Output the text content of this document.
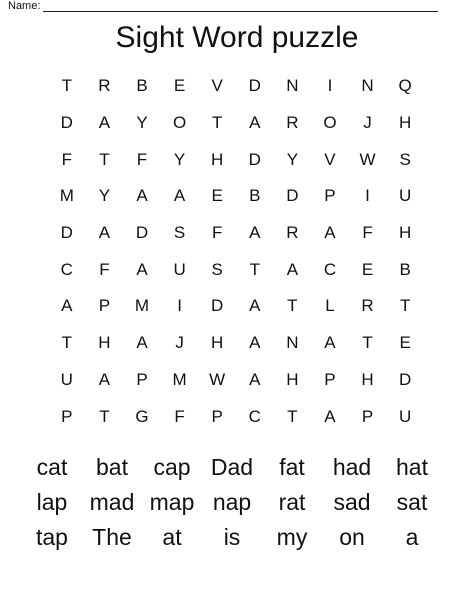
Name:
Sight Word puzzle
T	R	B	E	V	D	N	I	N	Q
D	A	Y	O	T	A	R	O	J	H
F	T	F	Y	H	D	Y	V	W	S
M	Y	A	A	E	B	D	P	I	U
D	A	D	S	F	A	R	A	F	H
C	F	A	U	S	T	A	C	E	B
A	P	M	I	D	A	T	L	R	T
T	H	A	J	H	A	N	A	T	E
U	A	P	M	W	A	H	P	H	D
P	T	G	F	P	C	T	A	P	U
cat	bat	cap Dad	fat	had	hat
lap mad map nap	rat	sad	sat
tap	The	at	is	my	on	a
